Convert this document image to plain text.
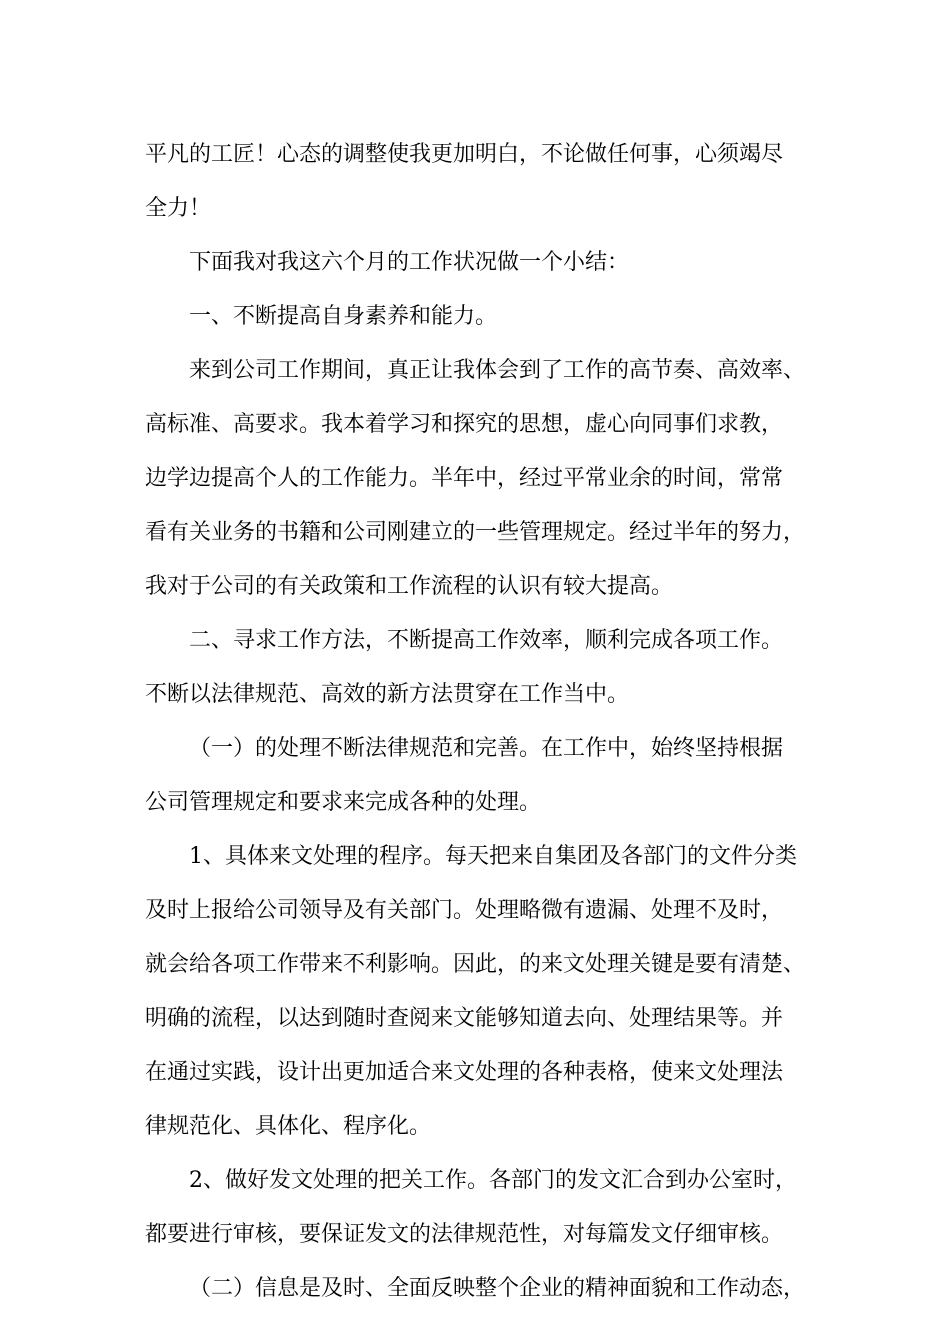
平凡的工匠！心态的调整使我更加明白，不论做任何事，心须竭尽
全力！
下面我对我这六个月的工作状况做一个小结：
一、不断提高自身素养和能力。
来到公司工作期间，真正让我体会到了工作的高节奏、高效率、
高标准、高要求。我本着学习和探究的思想，虚心向同事们求教，
边学边提高个人的工作能力。半年中，经过平常业余的时间，常常
看有关业务的书籍和公司刚建立的一些管理规定。经过半年的努力，
我对于公司的有关政策和工作流程的认识有较大提高。
二、寻求工作方法，不断提高工作效率，顺利完成各项工作。
不断以法律规范、高效的新方法贯穿在工作当中。
（一）的处理不断法律规范和完善。在工作中，始终坚持根据
公司管理规定和要求来完成各种的处理。
1、具体来文处理的程序。每天把来自集团及各部门的文件分类
及时上报给公司领导及有关部门。处理略微有遗漏、处理不及时，
就会给各项工作带来不利影响。因此，的来文处理关键是要有清楚、
明确的流程，以达到随时查阅来文能够知道去向、处理结果等。并
在通过实践，设计出更加适合来文处理的各种表格，使来文处理法
律规范化、具体化、程序化。
2、做好发文处理的把关工作。各部门的发文汇合到办公室时，
都要进行审核，要保证发文的法律规范性，对每篇发文仔细审核。
（二）信息是及时、全面反映整个企业的精神面貌和工作动态，
